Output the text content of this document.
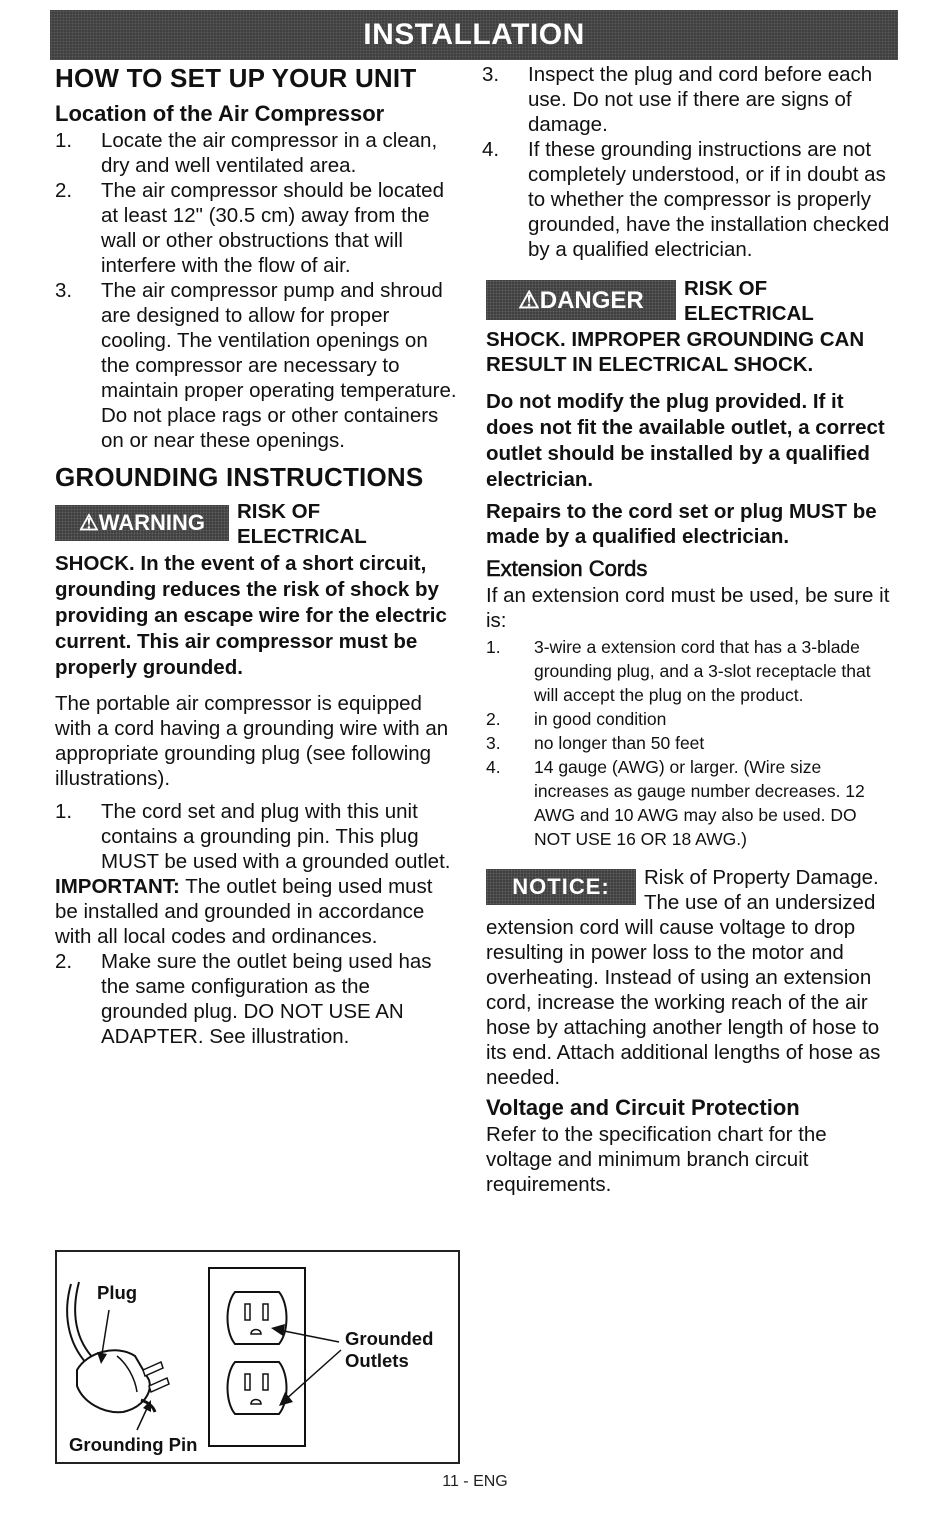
INSTALLATION
HOW TO SET UP YOUR UNIT
Location of the Air Compressor
1. Locate the air compressor in a clean, dry and well ventilated area.
2. The air compressor should be located at least 12" (30.5 cm) away from the wall or other obstructions that will interfere with the flow of air.
3. The air compressor pump and shroud are designed to allow for proper cooling. The ventilation openings on the compressor are necessary to maintain proper operating temperature. Do not place rags or other containers on or near these openings.
GROUNDING INSTRUCTIONS
⚠WARNING	RISK OF ELECTRICAL

SHOCK. In the event of a short circuit, grounding reduces the risk of shock by providing an escape wire for the electric current. This air compressor must be properly grounded.

The portable air compressor is equipped with a cord having a grounding wire with an appropriate grounding plug (see following illustrations).

1. The cord set and plug with this unit contains a grounding pin. This plug MUST be used with a grounded outlet.

IMPORTANT: The outlet being used must be installed and grounded in accordance with all local codes and ordinances.

2. Make sure the outlet being used has the same configuration as the grounded plug. DO NOT USE AN ADAPTER. See illustration.
Plug
Grounded
Outlets
Grounding Pin
3. Inspect the plug and cord before each use. Do not use if there are signs of damage.
4. If these grounding instructions are not completely understood, or if in doubt as to whether the compressor is properly grounded, have the installation checked by a qualified electrician.
⚠DANGER	RISK OF ELECTRICAL

SHOCK. IMPROPER GROUNDING CAN RESULT IN ELECTRICAL SHOCK.

Do not modify the plug provided. If it does not fit the available outlet, a correct outlet should be installed by a qualified electrician.

Repairs to the cord set or plug MUST be made by a qualified electrician.

Extension Cords

If an extension cord must be used, be sure it is:

1. 3-wire a extension cord that has a 3-blade grounding plug, and a 3-slot receptacle that will accept the plug on the product.
2. in good condition
3. no longer than 50 feet
4. 14 gauge (AWG) or larger. (Wire size increases as gauge number decreases. 12 AWG and 10 AWG may also be used. DO NOT USE 16 OR 18 AWG.)
NOTICE:	Risk of Property Damage. The use of an undersized extension cord will cause voltage to drop resulting in power loss to the motor and overheating. Instead of using an extension cord, increase the working reach of the air hose by attaching another length of hose to its end. Attach additional lengths of hose as needed.

Voltage and Circuit Protection

Refer to the specification chart for the voltage and minimum branch circuit requirements.

11 - ENG
